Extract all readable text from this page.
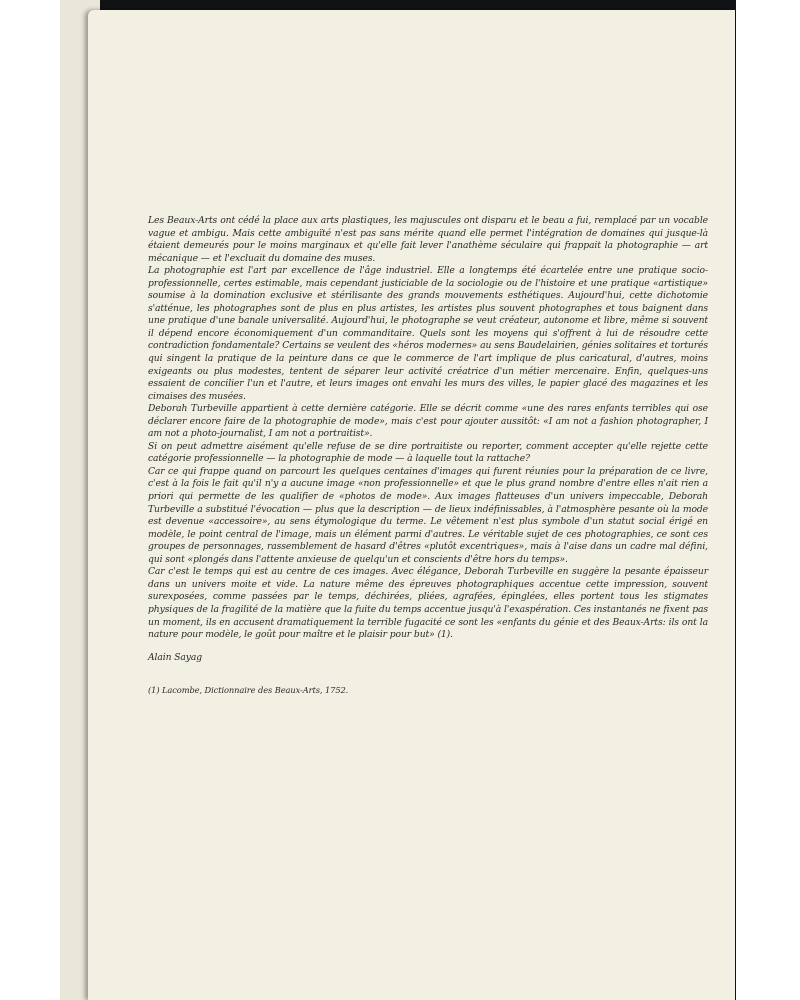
Les Beaux-Arts ont cédé la place aux arts plastiques, les majuscules ont disparu et le beau a fui, remplacé par un vocable vague et ambigu. Mais cette ambiguïté n'est pas sans mérite quand elle permet l'intégration de domaines qui jusque-là étaient demeurés pour le moins marginaux et qu'elle fait lever l'anathème séculaire qui frappait la photographie — art mécanique — et l'excluait du domaine des muses.

La photographie est l'art par excellence de l'âge industriel. Elle a longtemps été écartelée entre une pratique socio-professionnelle, certes estimable, mais cependant justiciable de la sociologie ou de l'histoire et une pratique «artistique» soumise à la domination exclusive et stérilisante des grands mouvements esthétiques. Aujourd'hui, cette dichotomie s'atténue, les photographes sont de plus en plus artistes, les artistes plus souvent photographes et tous baignent dans une pratique d'une banale universalité. Aujourd'hui, le photographe se veut créateur, autonome et libre, même si souvent il dépend encore économiquement d'un commanditaire. Quels sont les moyens qui s'offrent à lui de résoudre cette contradiction fondamentale? Certains se veulent des «héros modernes» au sens Baudelairien, génies solitaires et torturés qui singent la pratique de la peinture dans ce que le commerce de l'art implique de plus caricatural, d'autres, moins exigeants ou plus modestes, tentent de séparer leur activité créatrice d'un métier mercenaire. Enfin, quelques-uns essaient de concilier l'un et l'autre, et leurs images ont envahi les murs des villes, le papier glacé des magazines et les cimaises des musées.

Deborah Turbeville appartient à cette dernière catégorie. Elle se décrit comme «une des rares enfants terribles qui ose déclarer encore faire de la photographie de mode», mais c'est pour ajouter aussitôt: «I am not a fashion photographer, I am not a photo-journalist, I am not a portraitist».

Si on peut admettre aisément qu'elle refuse de se dire portraitiste ou reporter, comment accepter qu'elle rejette cette catégorie professionnelle — la photographie de mode — à laquelle tout la rattache?

Car ce qui frappe quand on parcourt les quelques centaines d'images qui furent réunies pour la préparation de ce livre, c'est à la fois le fait qu'il n'y a aucune image «non professionnelle» et que le plus grand nombre d'entre elles n'ait rien a priori qui permette de les qualifier de «photos de mode». Aux images flatteuses d'un univers impeccable, Deborah Turbeville a substitué l'évocation — plus que la description — de lieux indéfinissables, à l'atmosphère pesante où la mode est devenue «accessoire», au sens étymologique du terme. Le vêtement n'est plus symbole d'un statut social érigé en modèle, le point central de l'image, mais un élément parmi d'autres. Le véritable sujet de ces photographies, ce sont ces groupes de personnages, rassemblement de hasard d'êtres «plutôt excentriques», mais à l'aise dans un cadre mal défini, qui sont «plongés dans l'attente anxieuse de quelqu'un et conscients d'être hors du temps».

Car c'est le temps qui est au centre de ces images. Avec élégance, Deborah Turbeville en suggère la pesante épaisseur dans un univers moite et vide. La nature même des épreuves photographiques accentue cette impression, souvent surexposées, comme passées par le temps, déchirées, pliées, agrafées, épinglées, elles portent tous les stigmates physiques de la fragilité de la matière que la fuite du temps accentue jusqu'à l'exaspération. Ces instantanés ne fixent pas un moment, ils en accusent dramatiquement la terrible fugacité ce sont les «enfants du génie et des Beaux-Arts: ils ont la nature pour modèle, le goût pour maître et le plaisir pour but» (1).

Alain Sayag

(1) Lacombe, Dictionnaire des Beaux-Arts, 1752.
